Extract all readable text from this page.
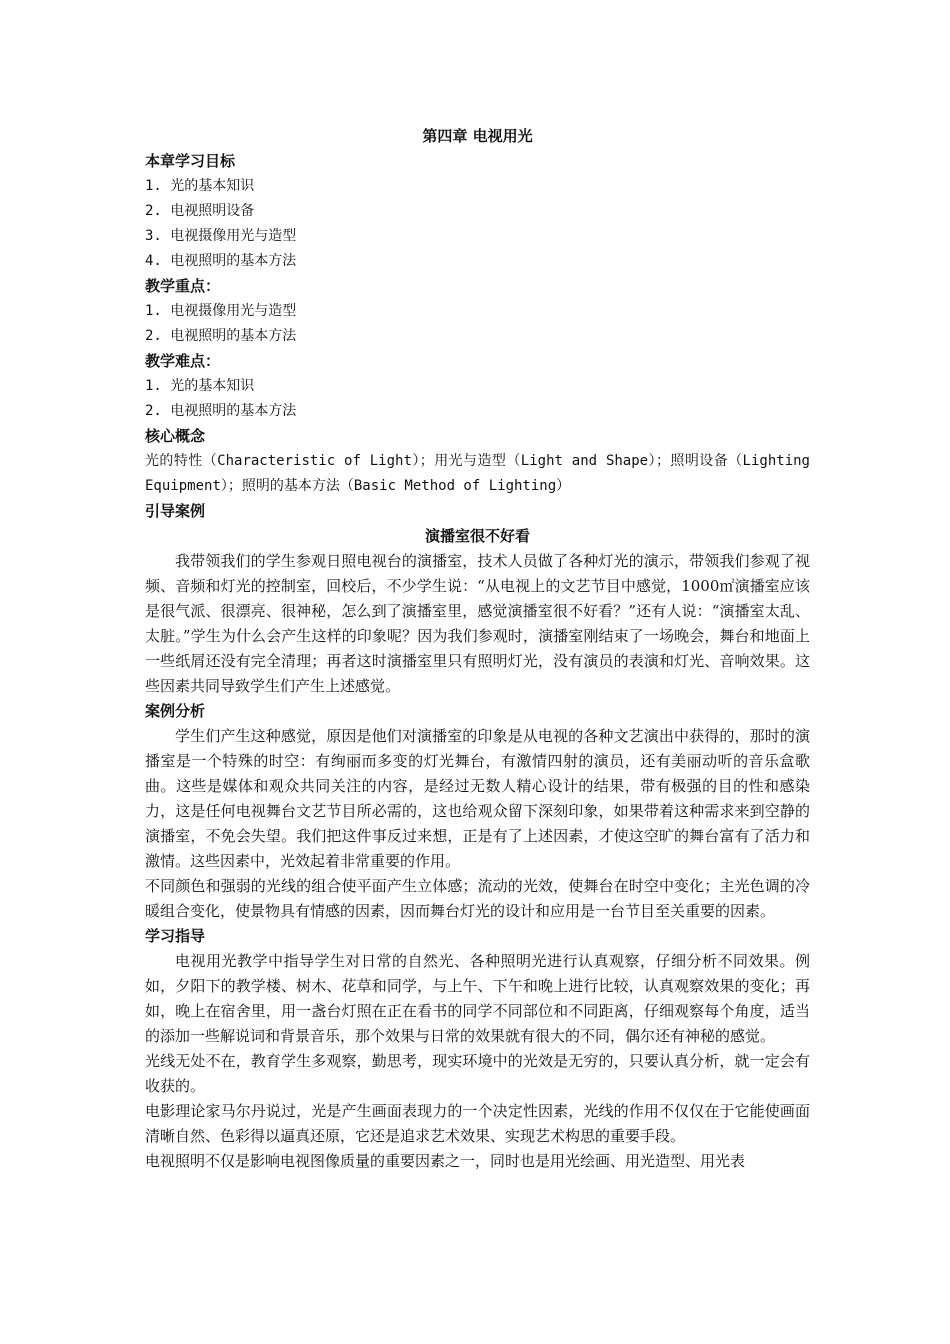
第四章 电视用光
本章学习目标
1. 光的基本知识
2. 电视照明设备
3. 电视摄像用光与造型
4. 电视照明的基本方法
教学重点：
1. 电视摄像用光与造型
2. 电视照明的基本方法
教学难点：
1. 光的基本知识
2. 电视照明的基本方法
核心概念

光的特性（Characteristic of Light）；用光与造型（Light and Shape）；照明设备（Lighting Equipment）；照明的基本方法（Basic Method of Lighting）

引导案例
演播室很不好看

我带领我们的学生参观日照电视台的演播室，技术人员做了各种灯光的演示，带领我们参观了视频、音频和灯光的控制室，回校后，不少学生说：“从电视上的文艺节目中感觉，1000㎡演播室应该是很气派、很漂亮、很神秘，怎么到了演播室里，感觉演播室很不好看？”还有人说：“演播室太乱、太脏。”学生为什么会产生这样的印象呢？因为我们参观时，演播室刚结束了一场晚会，舞台和地面上一些纸屑还没有完全清理；再者这时演播室里只有照明灯光，没有演员的表演和灯光、音响效果。这些因素共同导致学生们产生上述感觉。

案例分析

学生们产生这种感觉，原因是他们对演播室的印象是从电视的各种文艺演出中获得的，那时的演播室是一个特殊的时空：有绚丽而多变的灯光舞台，有激情四射的演员，还有美丽动听的音乐盒歌曲。这些是媒体和观众共同关注的内容，是经过无数人精心设计的结果，带有极强的目的性和感染力，这是任何电视舞台文艺节目所必需的，这也给观众留下深刻印象，如果带着这种需求来到空静的演播室，不免会失望。我们把这件事反过来想，正是有了上述因素，才使这空旷的舞台富有了活力和激情。这些因素中，光效起着非常重要的作用。

不同颜色和强弱的光线的组合使平面产生立体感；流动的光效，使舞台在时空中变化；主光色调的冷暖组合变化，使景物具有情感的因素，因而舞台灯光的设计和应用是一台节目至关重要的因素。

学习指导

电视用光教学中指导学生对日常的自然光、各种照明光进行认真观察，仔细分析不同效果。例如，夕阳下的教学楼、树木、花草和同学，与上午、下午和晚上进行比较，认真观察效果的变化；再如，晚上在宿舍里，用一盏台灯照在正在看书的同学不同部位和不同距离，仔细观察每个角度，适当的添加一些解说词和背景音乐，那个效果与日常的效果就有很大的不同，偶尔还有神秘的感觉。

光线无处不在，教育学生多观察，勤思考，现实环境中的光效是无穷的，只要认真分析，就一定会有收获的。

电影理论家马尔丹说过，光是产生画面表现力的一个决定性因素，光线的作用不仅仅在于它能使画面清晰自然、色彩得以逼真还原，它还是追求艺术效果、实现艺术构思的重要手段。

电视照明不仅是影响电视图像质量的重要因素之一，同时也是用光绘画、用光造型、用光表
